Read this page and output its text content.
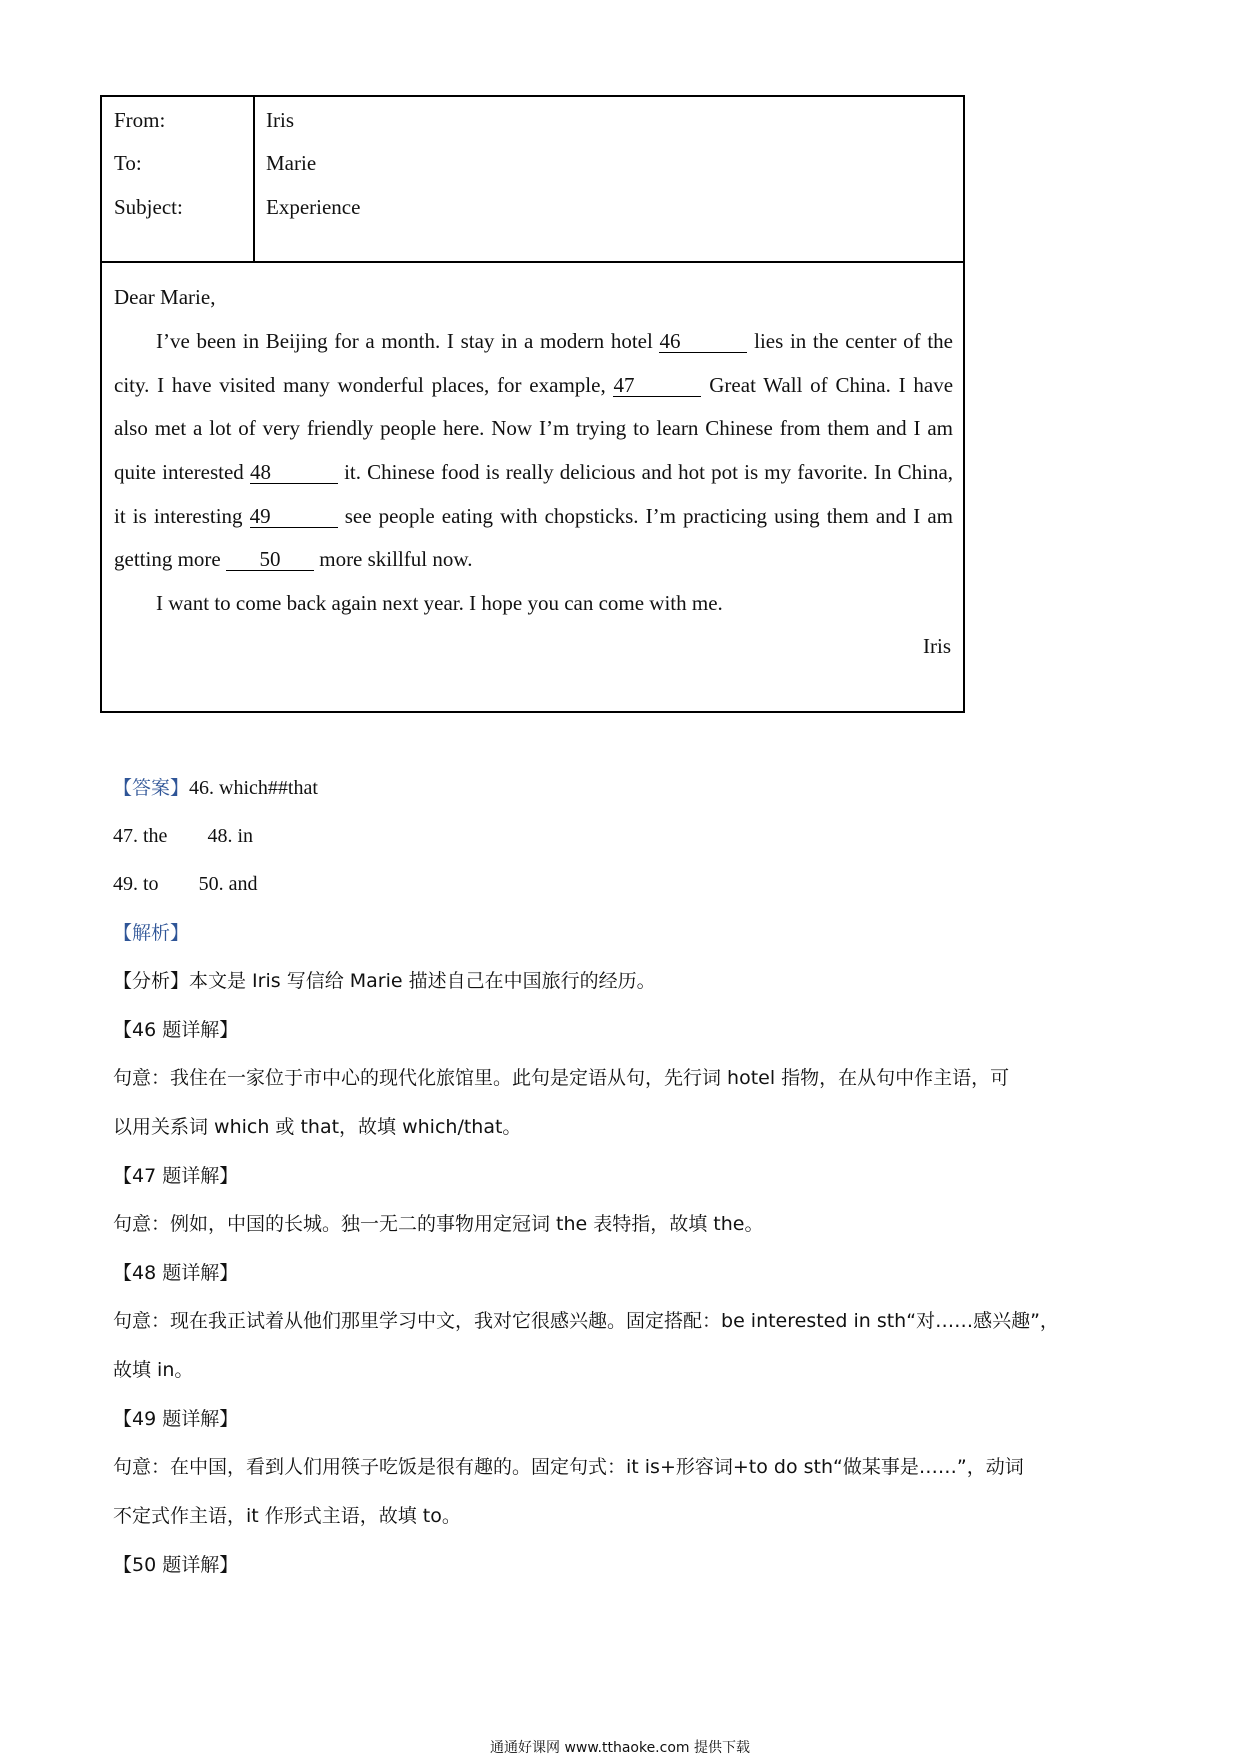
From:	Iris
To:	Marie
Subject:	Experience
Dear Marie,
I’ve been in Beijing for a month. I stay in a modern hotel 46	lies in the center of the
city. I have visited many wonderful places, for example, 47	Great Wall of China. I have
also met a lot of very friendly people here. Now I’m trying to learn Chinese from them and I am
quite interested 48	it. Chinese food is really delicious and hot pot is my favorite. In China,
it is interesting 49	see people eating with chopsticks. I’m practicing using them and I am
getting more 50 more skillful now.
I want to come back again next year. I hope you can come with me.
Iris
【答案】46. which##that
47. the 48. in
49. to 50. and
【解析】
【分析】本文是 Iris 写信给 Marie 描述自己在中国旅行的经历。
【46 题详解】
句意：我住在一家位于市中心的现代化旅馆里。此句是定语从句，先行词 hotel 指物，在从句中作主语，可
以用关系词 which 或 that，故填 which/that。
【47 题详解】
句意：例如，中国的长城。独一无二的事物用定冠词 the 表特指，故填 the。
【48 题详解】
句意：现在我正试着从他们那里学习中文，我对它很感兴趣。固定搭配：be interested in sth“对……感兴趣”，
故填 in。
【49 题详解】
句意：在中国，看到人们用筷子吃饭是很有趣的。固定句式：it is+形容词+to do sth“做某事是……”，动词
不定式作主语，it 作形式主语，故填 to。
【50 题详解】
通通好课网 www.tthaoke.com 提供下载
